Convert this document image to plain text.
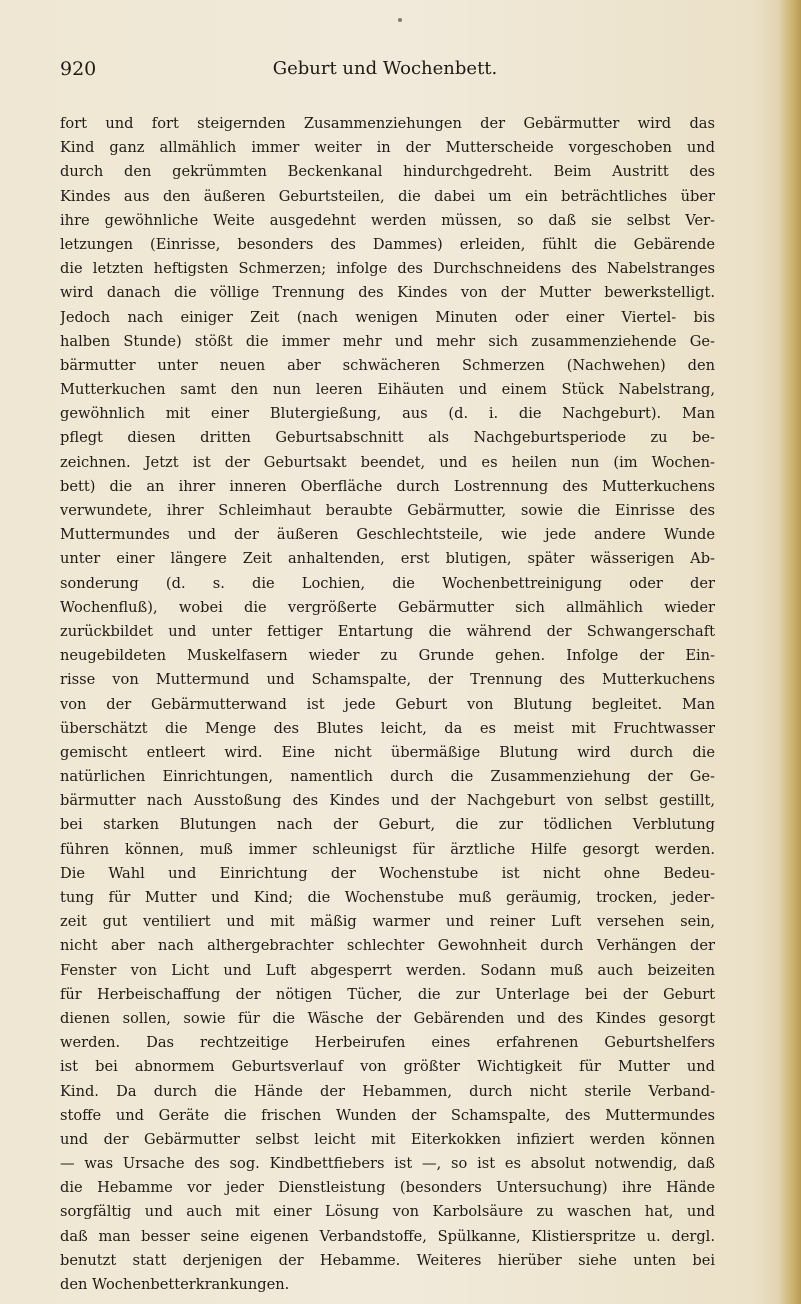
920	Geburt und Wochenbett.
fort und fort steigernden Zusammenziehungen der Gebärmutter wird das
Kind ganz allmählich immer weiter in der Mutterscheide vorgeschoben und
durch den gekrümmten Beckenkanal hindurchgedreht. Beim Austritt des
Kindes aus den äußeren Geburtsteilen, die dabei um ein beträchtliches über
ihre gewöhnliche Weite ausgedehnt werden müssen, so daß sie selbst Ver-
letzungen (Einrisse, besonders des Dammes) erleiden, fühlt die Gebärende
die letzten heftigsten Schmerzen; infolge des Durchschneidens des Nabelstranges
wird danach die völlige Trennung des Kindes von der Mutter bewerkstelligt.
Jedoch nach einiger Zeit (nach wenigen Minuten oder einer Viertel- bis
halben Stunde) stößt die immer mehr und mehr sich zusammenziehende Ge-
bärmutter unter neuen aber schwächeren Schmerzen (Nachwehen) den
Mutterkuchen samt den nun leeren Eihäuten und einem Stück Nabelstrang,
gewöhnlich mit einer Blutergießung, aus (d. i. die Nachgeburt). Man
pflegt diesen dritten Geburtsabschnitt als Nachgeburtsperiode zu be-
zeichnen. Jetzt ist der Geburtsakt beendet, und es heilen nun (im Wochen-
bett) die an ihrer inneren Oberfläche durch Lostrennung des Mutterkuchens
verwundete, ihrer Schleimhaut beraubte Gebärmutter, sowie die Einrisse des
Muttermundes und der äußeren Geschlechtsteile, wie jede andere Wunde
unter einer längere Zeit anhaltenden, erst blutigen, später wässerigen Ab-
sonderung (d. s. die Lochien, die Wochenbettreinigung oder der
Wochenfluß), wobei die vergrößerte Gebärmutter sich allmählich wieder
zurückbildet und unter fettiger Entartung die während der Schwangerschaft
neugebildeten Muskelfasern wieder zu Grunde gehen. Infolge der Ein-
risse von Muttermund und Schamspalte, der Trennung des Mutterkuchens
von der Gebärmutterwand ist jede Geburt von Blutung begleitet. Man
überschätzt die Menge des Blutes leicht, da es meist mit Fruchtwasser
gemischt entleert wird. Eine nicht übermäßige Blutung wird durch die
natürlichen Einrichtungen, namentlich durch die Zusammenziehung der Ge-
bärmutter nach Ausstoßung des Kindes und der Nachgeburt von selbst gestillt,
bei starken Blutungen nach der Geburt, die zur tödlichen Verblutung
führen können, muß immer schleunigst für ärztliche Hilfe gesorgt werden.
Die Wahl und Einrichtung der Wochenstube ist nicht ohne Bedeu-
tung für Mutter und Kind; die Wochenstube muß geräumig, trocken, jeder-
zeit gut ventiliert und mit mäßig warmer und reiner Luft versehen sein,
nicht aber nach althergebrachter schlechter Gewohnheit durch Verhängen der
Fenster von Licht und Luft abgesperrt werden. Sodann muß auch beizeiten
für Herbeischaffung der nötigen Tücher, die zur Unterlage bei der Geburt
dienen sollen, sowie für die Wäsche der Gebärenden und des Kindes gesorgt
werden. Das rechtzeitige Herbeirufen eines erfahrenen Geburtshelfers
ist bei abnormem Geburtsverlauf von größter Wichtigkeit für Mutter und
Kind. Da durch die Hände der Hebammen, durch nicht sterile Verband-
stoffe und Geräte die frischen Wunden der Schamspalte, des Muttermundes
und der Gebärmutter selbst leicht mit Eiterkokken infiziert werden können
— was Ursache des sog. Kindbettfiebers ist —, so ist es absolut notwendig, daß
die Hebamme vor jeder Dienstleistung (besonders Untersuchung) ihre Hände
sorgfältig und auch mit einer Lösung von Karbolsäure zu waschen hat, und
daß man besser seine eigenen Verbandstoffe, Spülkanne, Klistierspritze u. dergl.
benutzt statt derjenigen der Hebamme. Weiteres hierüber siehe unten bei
den Wochenbetterkrankungen.
